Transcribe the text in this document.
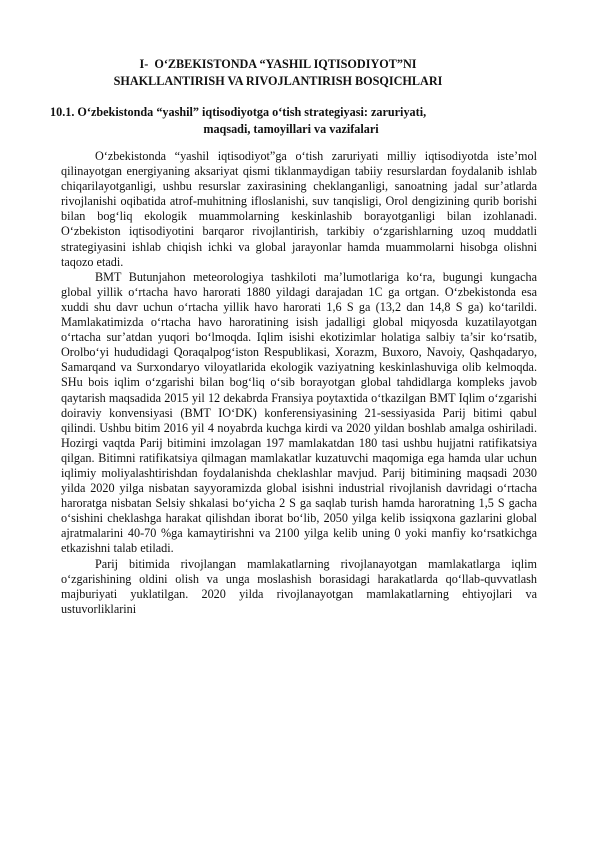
I- O‘ZBEKISTONDA “YASHIL IQTISODIYOT”NI
SHAKLLANTIRISH VA RIVOJLANTIRISH BOSQICHLARI
10.1. O‘zbekistonda “yashil” iqtisodiyotga o‘tish strategiyasi: zaruriyati,
maqsadi, tamoyillari va vazifalari

O‘zbekistonda “yashil iqtisodiyot”ga o‘tish zaruriyati milliy iqtisodiyotda iste’mol qilinayotgan energiyaning aksariyat qismi tiklanmaydigan tabiiy resurslardan foydalanib ishlab chiqarilayotganligi, ushbu resurslar zaxirasining cheklanganligi, sanoatning jadal sur’atlarda rivojlanishi oqibatida atrof-muhitning ifloslanishi, suv tanqisligi, Orol dengizining qurib borishi bilan bog‘liq ekologik muammolarning keskinlashib borayotganligi bilan izohlanadi. O‘zbekiston iqtisodiyotini barqaror rivojlantirish, tarkibiy o‘zgarishlarning uzoq muddatli strategiyasini ishlab chiqish ichki va global jarayonlar hamda muammolarni hisobga olishni taqozo etadi.

BMT Butunjahon meteorologiya tashkiloti ma’lumotlariga ko‘ra, bugungi kungacha global yillik o‘rtacha havo harorati 1880 yildagi darajadan 1C ga ortgan. O‘zbekistonda esa xuddi shu davr uchun o‘rtacha yillik havo harorati 1,6 S ga (13,2 dan 14,8 S ga) ko‘tarildi. Mamlakatimizda o‘rtacha havo haroratining isish jadalligi global miqyosda kuzatilayotgan o‘rtacha sur’atdan yuqori bo‘lmoqda. Iqlim isishi ekotizimlar holatiga salbiy ta’sir ko‘rsatib, Orolbo‘yi hududidagi Qoraqalpog‘iston Respublikasi, Xorazm, Buxoro, Navoiy, Qashqadaryo, Samarqand va Surxondaryo viloyatlarida ekologik vaziyatning keskinlashuviga olib kelmoqda. SHu bois iqlim o‘zgarishi bilan bog‘liq o‘sib borayotgan global tahdidlarga kompleks javob qaytarish maqsadida 2015 yil 12 dekabrda Fransiya poytaxtida o‘tkazilgan BMT Iqlim o‘zgarishi doiraviy konvensiyasi (BMT IO‘DK) konferensiyasining 21-sessiyasida Parij bitimi qabul qilindi. Ushbu bitim 2016 yil 4 noyabrda kuchga kirdi va 2020 yildan boshlab amalga oshiriladi. Hozirgi vaqtda Parij bitimini imzolagan 197 mamlakatdan 180 tasi ushbu hujjatni ratifikatsiya qilgan. Bitimni ratifikatsiya qilmagan mamlakatlar kuzatuvchi maqomiga ega hamda ular uchun iqlimiy moliyalashtirishdan foydalanishda cheklashlar mavjud. Parij bitimining maqsadi 2030 yilda 2020 yilga nisbatan sayyoramizda global isishni industrial rivojlanish davridagi o‘rtacha haroratga nisbatan Selsiy shkalasi bo‘yicha 2 S ga saqlab turish hamda haroratning 1,5 S gacha o‘sishini cheklashga harakat qilishdan iborat bo‘lib, 2050 yilga kelib issiqxona gazlarini global ajratmalarini 40-70 %ga kamaytirishni va 2100 yilga kelib uning 0 yoki manfiy ko‘rsatkichga etkazishni talab etiladi.

Parij bitimida rivojlangan mamlakatlarning rivojlanayotgan mamlakatlarga iqlim o‘zgarishining oldini olish va unga moslashish borasidagi harakatlarda qo‘llab-quvvatlash majburiyati yuklatilgan. 2020 yilda rivojlanayotgan mamlakatlarning ehtiyojlari va ustuvorliklarini
